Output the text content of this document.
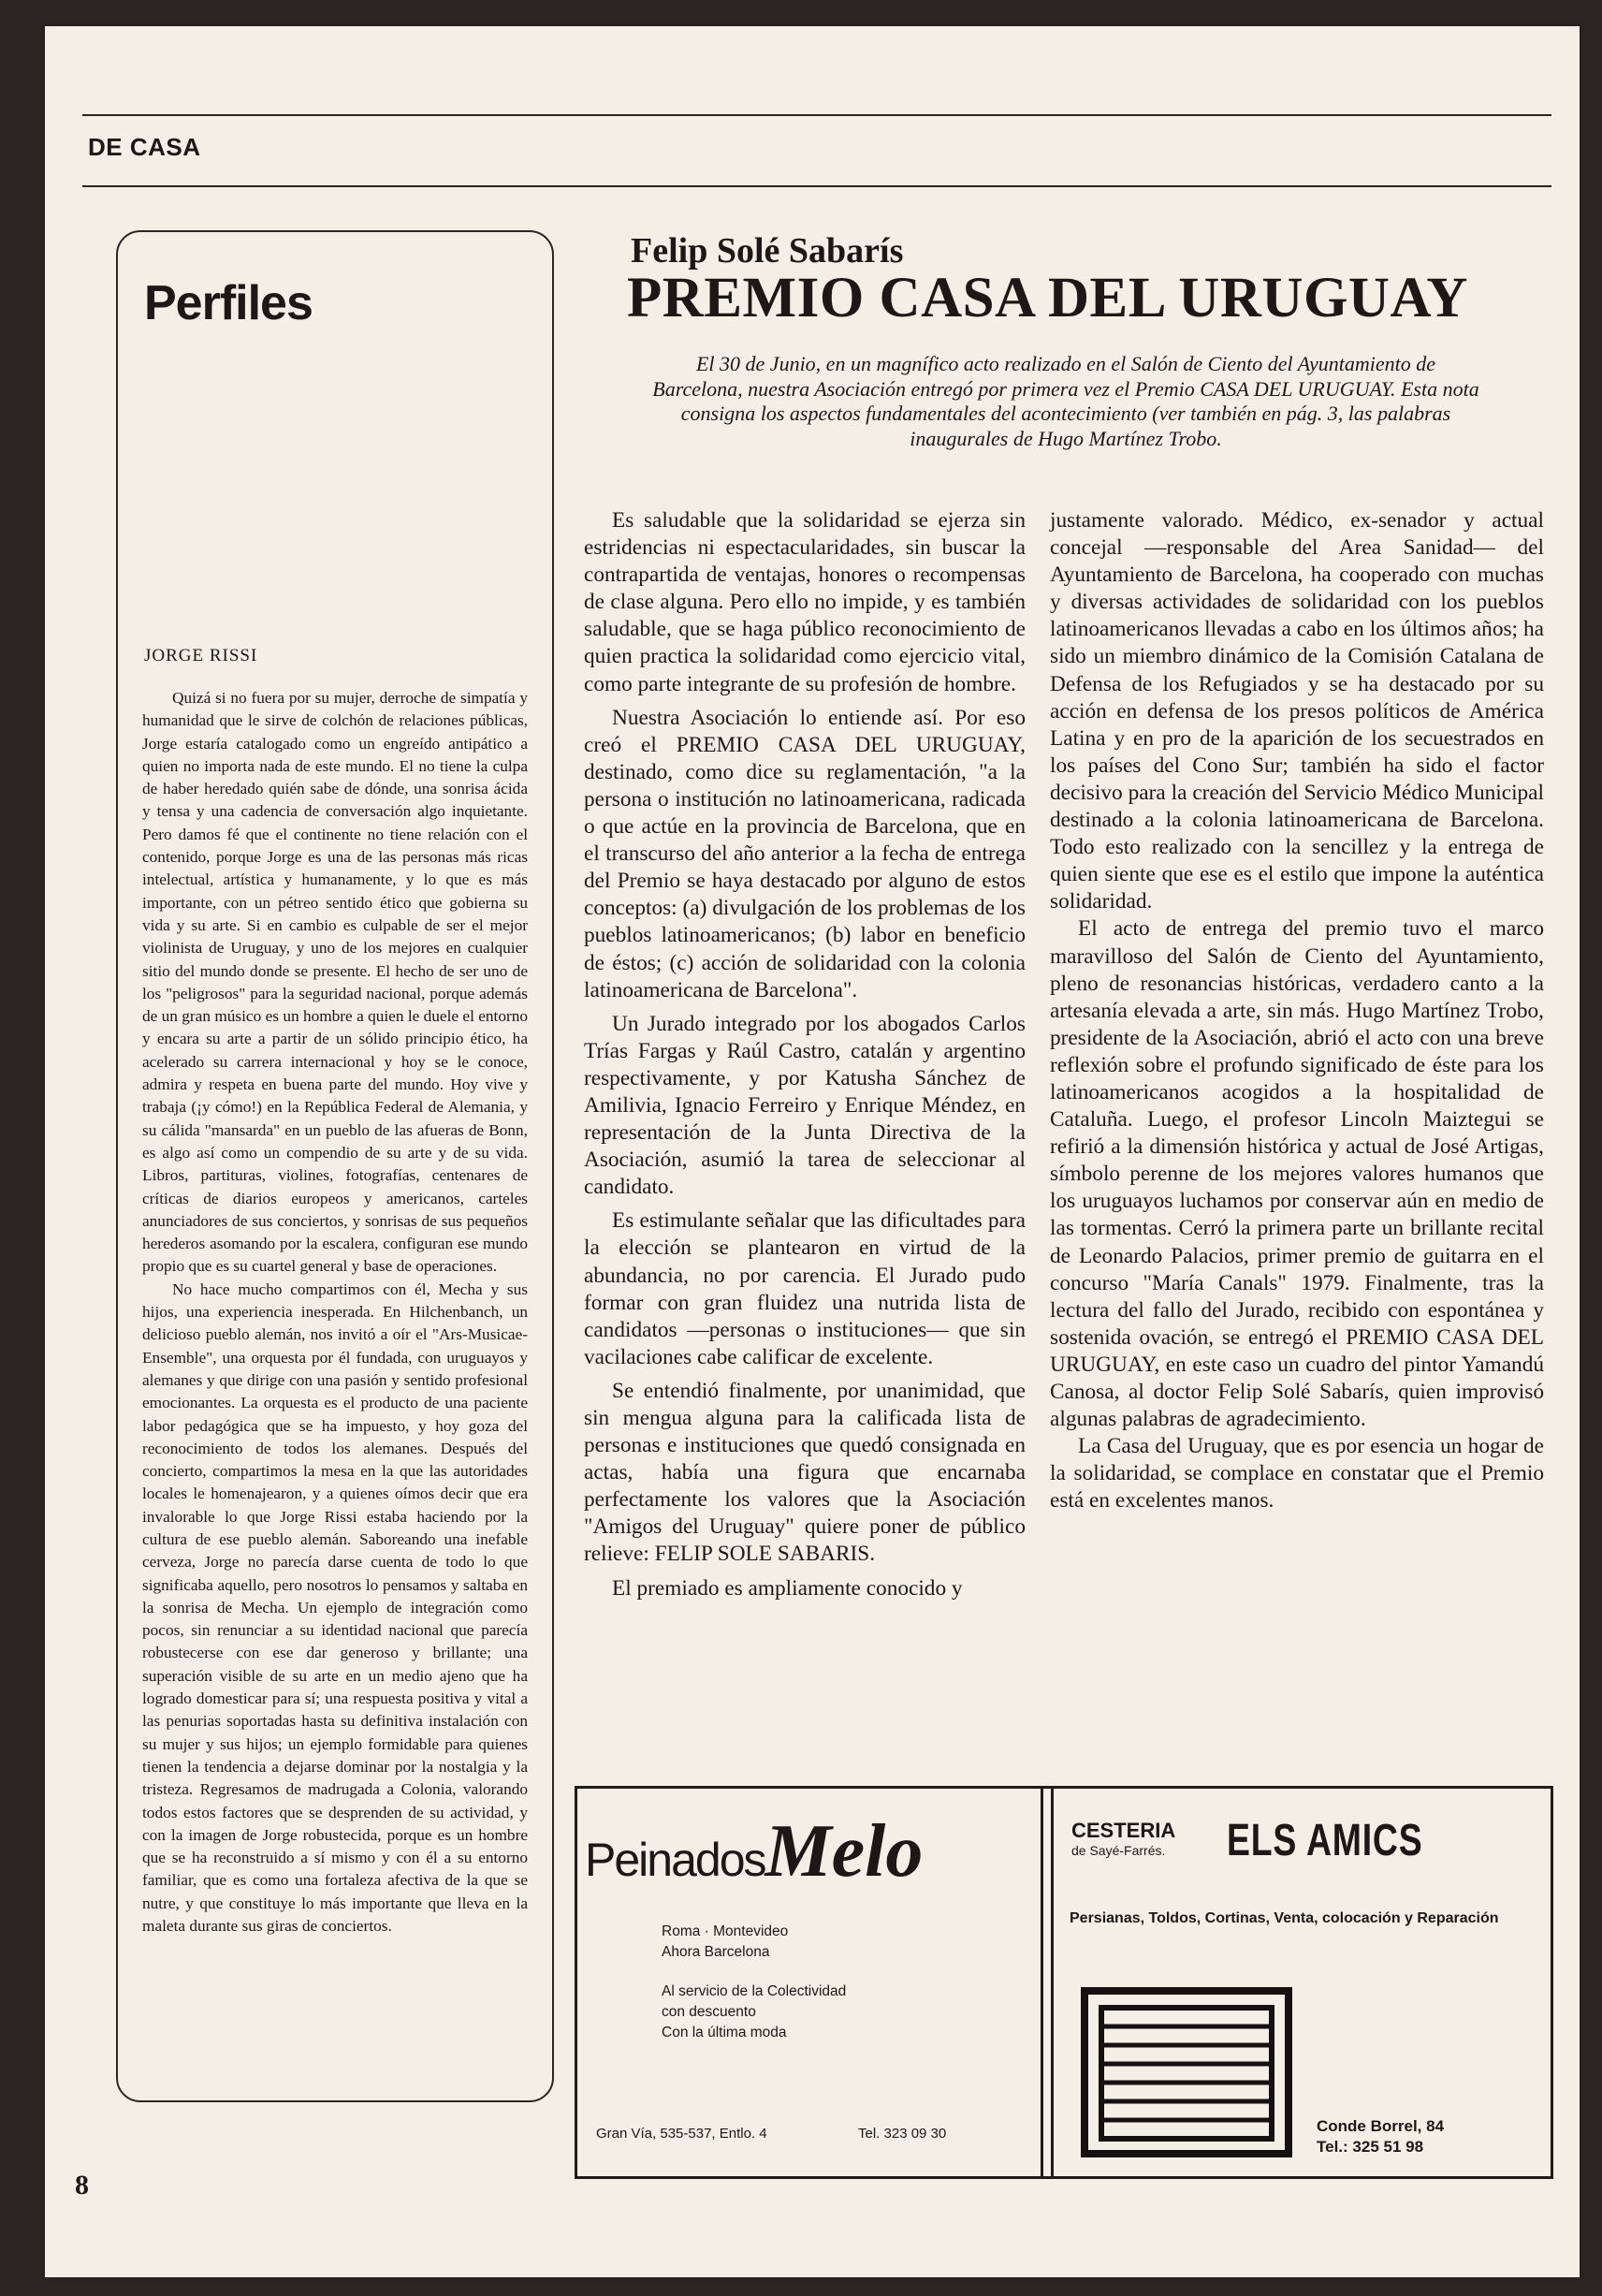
DE CASA
Perfiles
JORGE RISSI

Quizá si no fuera por su mujer, derroche de simpatía y humanidad que le sirve de colchón de relaciones públicas, Jorge estaría catalogado como un engreído antipático a quien no importa nada de este mundo. El no tiene la culpa de haber heredado quién sabe de dónde, una sonrisa ácida y tensa y una cadencia de conversación algo inquietante. Pero damos fé que el continente no tiene relación con el contenido, porque Jorge es una de las personas más ricas intelectual, artística y humanamente, y lo que es más importante, con un pétreo sentido ético que gobierna su vida y su arte. Si en cambio es culpable de ser el mejor violinista de Uruguay, y uno de los mejores en cualquier sitio del mundo donde se presente. El hecho de ser uno de los "peligrosos" para la seguridad nacional, porque además de un gran músico es un hombre a quien le duele el entorno y encara su arte a partir de un sólido principio ético, ha acelerado su carrera internacional y hoy se le conoce, admira y respeta en buena parte del mundo. Hoy vive y trabaja (¡y cómo!) en la República Federal de Alemania, y su cálida "mansarda" en un pueblo de las afueras de Bonn, es algo así como un compendio de su arte y de su vida. Libros, partituras, violines, fotografías, centenares de críticas de diarios europeos y americanos, carteles anunciadores de sus conciertos, y sonrisas de sus pequeños herederos asomando por la escalera, configuran ese mundo propio que es su cuartel general y base de operaciones.

No hace mucho compartimos con él, Mecha y sus hijos, una experiencia inesperada. En Hilchenbanch, un delicioso pueblo alemán, nos invitó a oír el "Ars-Musicae-Ensemble", una orquesta por él fundada, con uruguayos y alemanes y que dirige con una pasión y sentido profesional emocionantes. La orquesta es el producto de una paciente labor pedagógica que se ha impuesto, y hoy goza del reconocimiento de todos los alemanes. Después del concierto, compartimos la mesa en la que las autoridades locales le homenajearon, y a quienes oímos decir que era invalorable lo que Jorge Rissi estaba haciendo por la cultura de ese pueblo alemán. Saboreando una inefable cerveza, Jorge no parecía darse cuenta de todo lo que significaba aquello, pero nosotros lo pensamos y saltaba en la sonrisa de Mecha. Un ejemplo de integración como pocos, sin renunciar a su identidad nacional que parecía robustecerse con ese dar generoso y brillante; una superación visible de su arte en un medio ajeno que ha logrado domesticar para sí; una respuesta positiva y vital a las penurias soportadas hasta su definitiva instalación con su mujer y sus hijos; un ejemplo formidable para quienes tienen la tendencia a dejarse dominar por la nostalgia y la tristeza. Regresamos de madrugada a Colonia, valorando todos estos factores que se desprenden de su actividad, y con la imagen de Jorge robustecida, porque es un hombre que se ha reconstruido a sí mismo y con él a su entorno familiar, que es como una fortaleza afectiva de la que se nutre, y que constituye lo más importante que lleva en la maleta durante sus giras de conciertos.

Felip Solé Sabarís
PREMIO CASA DEL URUGUAY
El 30 de Junio, en un magnífico acto realizado en el Salón de Ciento del Ayuntamiento de Barcelona, nuestra Asociación entregó por primera vez el Premio CASA DEL URUGUAY. Esta nota consigna los aspectos fundamentales del acontecimiento (ver también en pág. 3, las palabras inaugurales de Hugo Martínez Trobo.

Es saludable que la solidaridad se ejerza sin estridencias ni espectacularidades, sin buscar la contrapartida de ventajas, honores o recompensas de clase alguna. Pero ello no impide, y es también saludable, que se haga público reconocimiento de quien practica la solidaridad como ejercicio vital, como parte integrante de su profesión de hombre.

Nuestra Asociación lo entiende así. Por eso creó el PREMIO CASA DEL URUGUAY, destinado, como dice su reglamentación, "a la persona o institución no latinoamericana, radicada o que actúe en la provincia de Barcelona, que en el transcurso del año anterior a la fecha de entrega del Premio se haya destacado por alguno de estos conceptos: (a) divulgación de los problemas de los pueblos latinoamericanos; (b) labor en beneficio de éstos; (c) acción de solidaridad con la colonia latinoamericana de Barcelona".

Un Jurado integrado por los abogados Carlos Trías Fargas y Raúl Castro, catalán y argentino respectivamente, y por Katusha Sánchez de Amilivia, Ignacio Ferreiro y Enrique Méndez, en representación de la Junta Directiva de la Asociación, asumió la tarea de seleccionar al candidato.

Es estimulante señalar que las dificultades para la elección se plantearon en virtud de la abundancia, no por carencia. El Jurado pudo formar con gran fluidez una nutrida lista de candidatos —personas o instituciones— que sin vacilaciones cabe calificar de excelente.

Se entendió finalmente, por unanimidad, que sin mengua alguna para la calificada lista de personas e instituciones que quedó consignada en actas, había una figura que encarnaba perfectamente los valores que la Asociación "Amigos del Uruguay" quiere poner de público relieve: FELIP SOLE SABARIS.

El premiado es ampliamente conocido y

justamente valorado. Médico, ex-senador y actual concejal —responsable del Area Sanidad— del Ayuntamiento de Barcelona, ha cooperado con muchas y diversas actividades de solidaridad con los pueblos latinoamericanos llevadas a cabo en los últimos años; ha sido un miembro dinámico de la Comisión Catalana de Defensa de los Refugiados y se ha destacado por su acción en defensa de los presos políticos de América Latina y en pro de la aparición de los secuestrados en los países del Cono Sur; también ha sido el factor decisivo para la creación del Servicio Médico Municipal destinado a la colonia latinoamericana de Barcelona. Todo esto realizado con la sencillez y la entrega de quien siente que ese es el estilo que impone la auténtica solidaridad.

El acto de entrega del premio tuvo el marco maravilloso del Salón de Ciento del Ayuntamiento, pleno de resonancias históricas, verdadero canto a la artesanía elevada a arte, sin más. Hugo Martínez Trobo, presidente de la Asociación, abrió el acto con una breve reflexión sobre el profundo significado de éste para los latinoamericanos acogidos a la hospitalidad de Cataluña. Luego, el profesor Lincoln Maiztegui se refirió a la dimensión histórica y actual de José Artigas, símbolo perenne de los mejores valores humanos que los uruguayos luchamos por conservar aún en medio de las tormentas. Cerró la primera parte un brillante recital de Leonardo Palacios, primer premio de guitarra en el concurso "María Canals" 1979. Finalmente, tras la lectura del fallo del Jurado, recibido con espontánea y sostenida ovación, se entregó el PREMIO CASA DEL URUGUAY, en este caso un cuadro del pintor Yamandú Canosa, al doctor Felip Solé Sabarís, quien improvisó algunas palabras de agradecimiento.

La Casa del Uruguay, que es por esencia un hogar de la solidaridad, se complace en constatar que el Premio está en excelentes manos.

PeinadosMelo
Roma · Montevideo
Ahora Barcelona
Al servicio de la Colectividad
con descuento
Con la última moda
Gran Vía, 535-537, Entlo. 4	Tel. 323 09 30
CESTERIA
de Sayé-Farrés. ELS AMICS
Persianas, Toldos, Cortinas, Venta, colocación y Reparación
Conde Borrel, 84
Tel.: 325 51 98
8
